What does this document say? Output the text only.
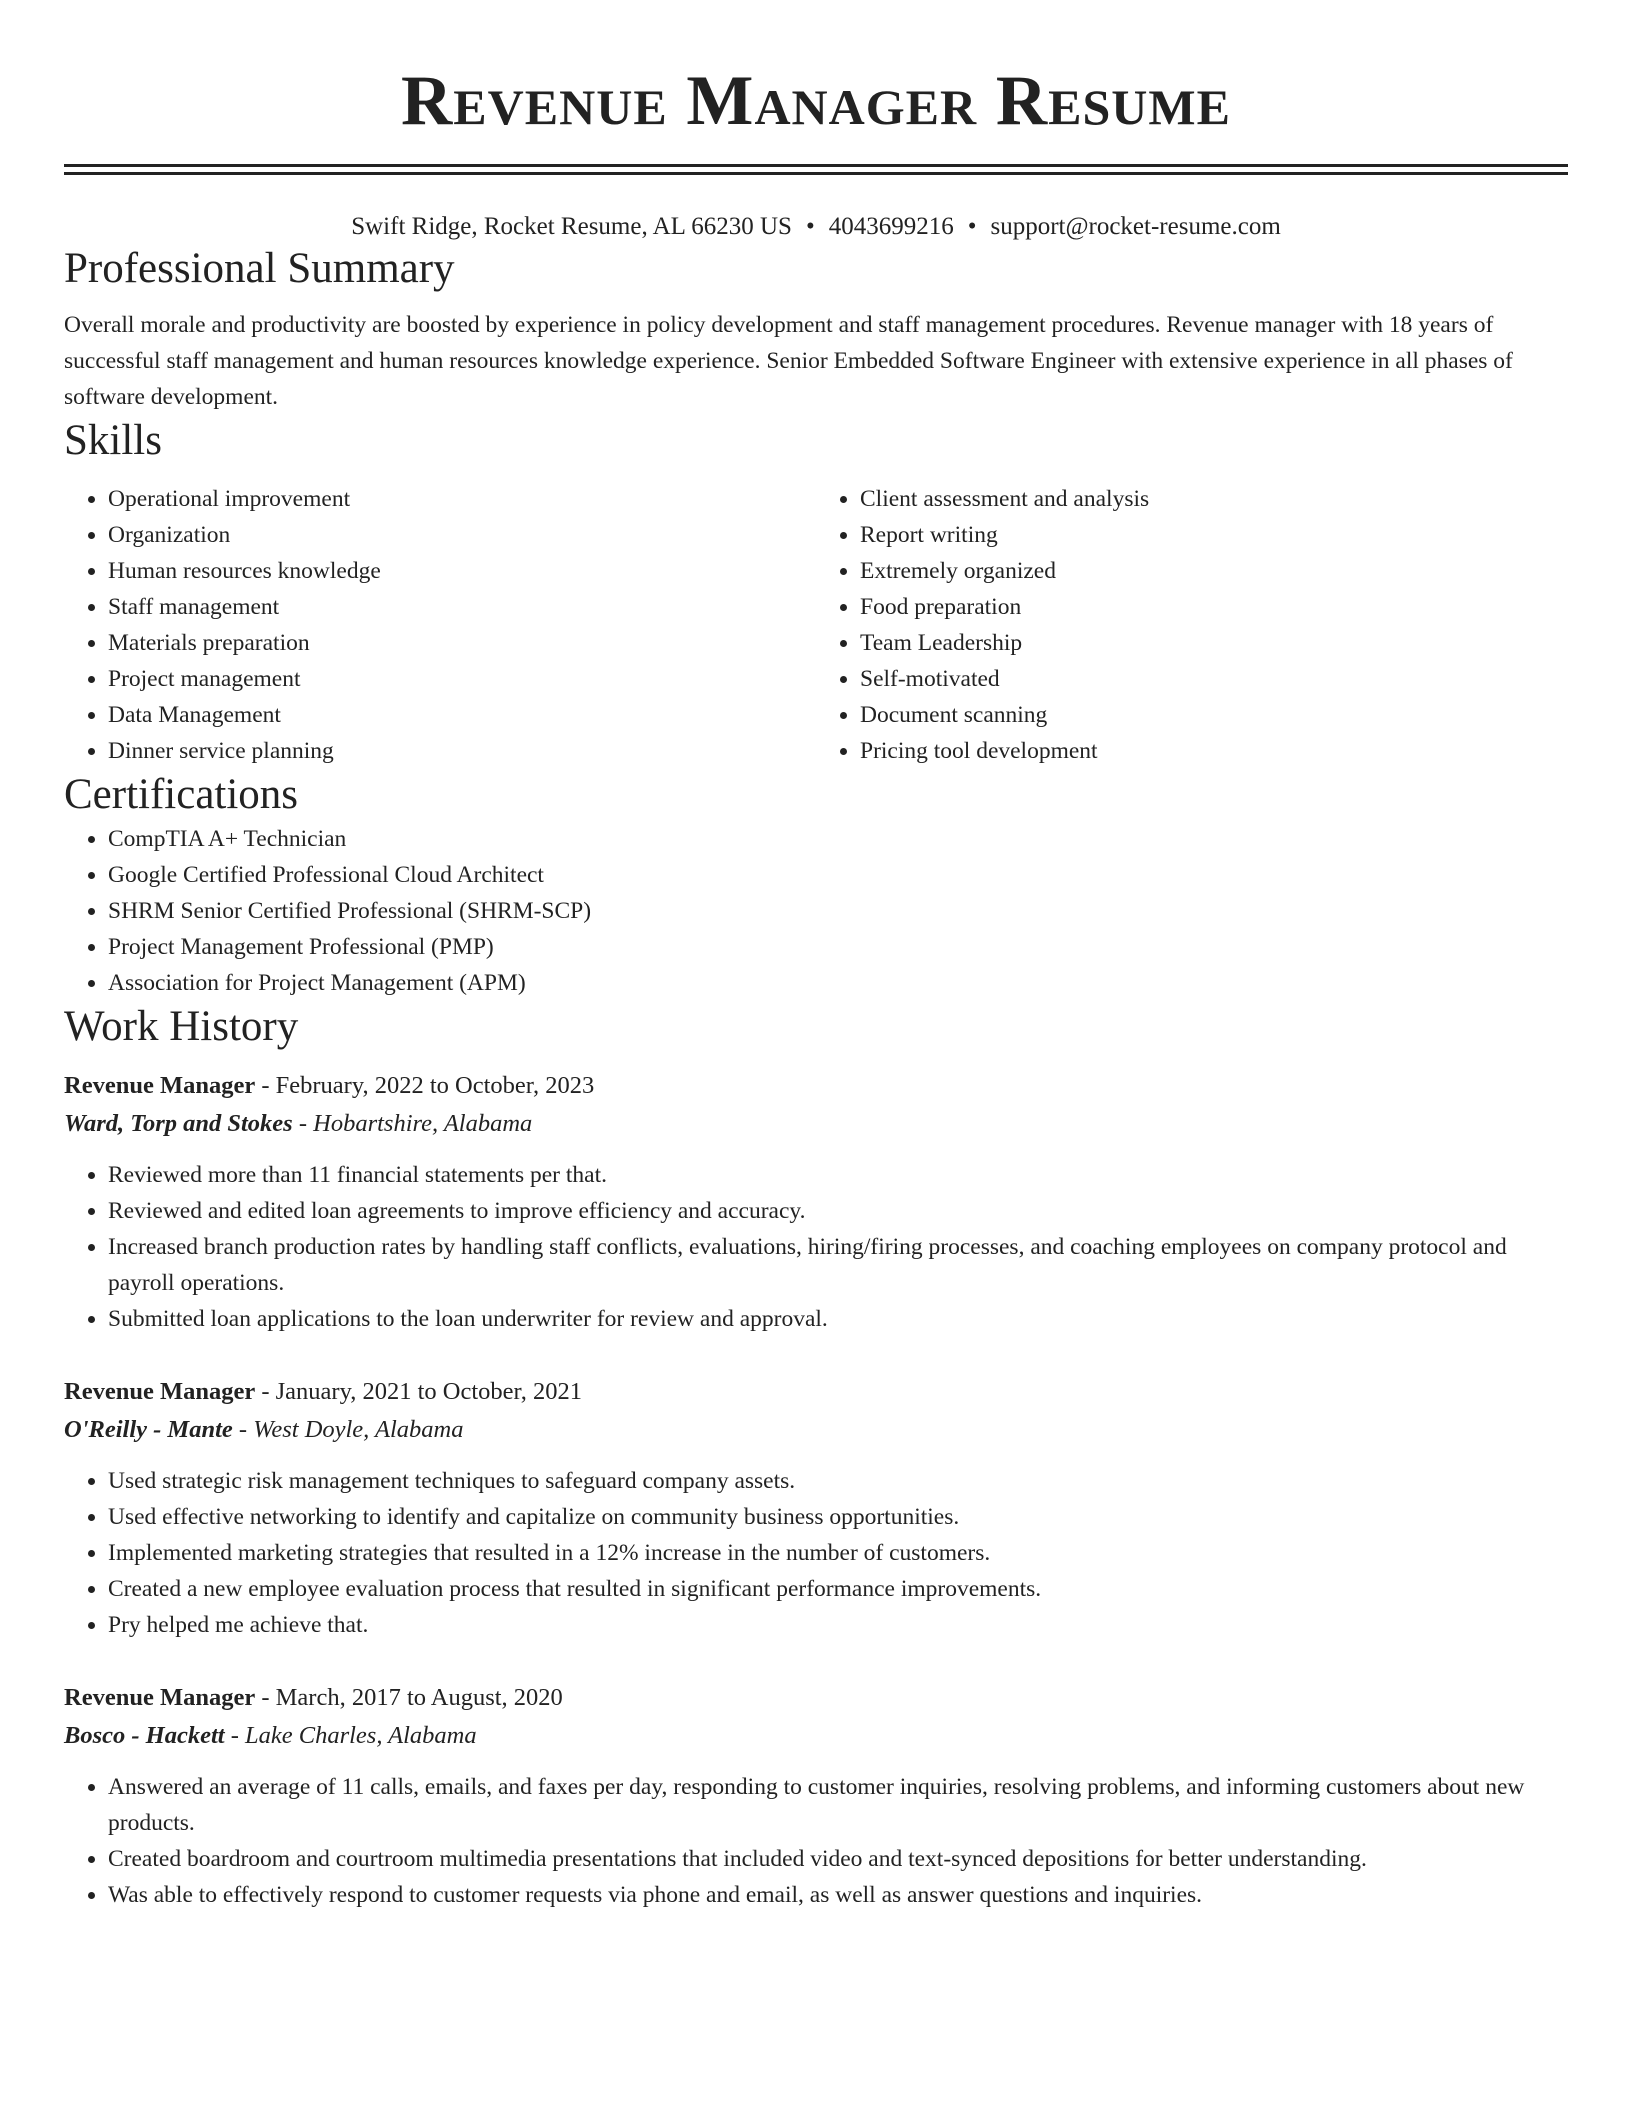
Revenue Manager Resume
Swift Ridge, Rocket Resume, AL 66230 US • 4043699216 • support@rocket-resume.com
Professional Summary

Overall morale and productivity are boosted by experience in policy development and staff management procedures. Revenue manager with 18 years of successful staff management and human resources knowledge experience. Senior Embedded Software Engineer with extensive experience in all phases of software development.

Skills
• Operational improvement
• Organization
• Human resources knowledge
• Staff management
• Materials preparation
• Project management
• Data Management
• Dinner service planning
• Client assessment and analysis
• Report writing
• Extremely organized
• Food preparation
• Team Leadership
• Self-motivated
• Document scanning
• Pricing tool development
Certifications
• CompTIA A+ Technician
• Google Certified Professional Cloud Architect
• SHRM Senior Certified Professional (SHRM-SCP)
• Project Management Professional (PMP)
• Association for Project Management (APM)
Work History
Revenue Manager - February, 2022 to October, 2023
Ward, Torp and Stokes - Hobartshire, Alabama
• Reviewed more than 11 financial statements per that.
• Reviewed and edited loan agreements to improve efficiency and accuracy.
• Increased branch production rates by handling staff conflicts, evaluations, hiring/firing processes, and coaching employees on company protocol and payroll operations.
• Submitted loan applications to the loan underwriter for review and approval.
Revenue Manager - January, 2021 to October, 2021
O'Reilly - Mante - West Doyle, Alabama
• Used strategic risk management techniques to safeguard company assets.
• Used effective networking to identify and capitalize on community business opportunities.
• Implemented marketing strategies that resulted in a 12% increase in the number of customers.
• Created a new employee evaluation process that resulted in significant performance improvements.
• Pry helped me achieve that.
Revenue Manager - March, 2017 to August, 2020
Bosco - Hackett - Lake Charles, Alabama
• Answered an average of 11 calls, emails, and faxes per day, responding to customer inquiries, resolving problems, and informing customers about new products.
• Created boardroom and courtroom multimedia presentations that included video and text-synced depositions for better understanding.
• Was able to effectively respond to customer requests via phone and email, as well as answer questions and inquiries.
